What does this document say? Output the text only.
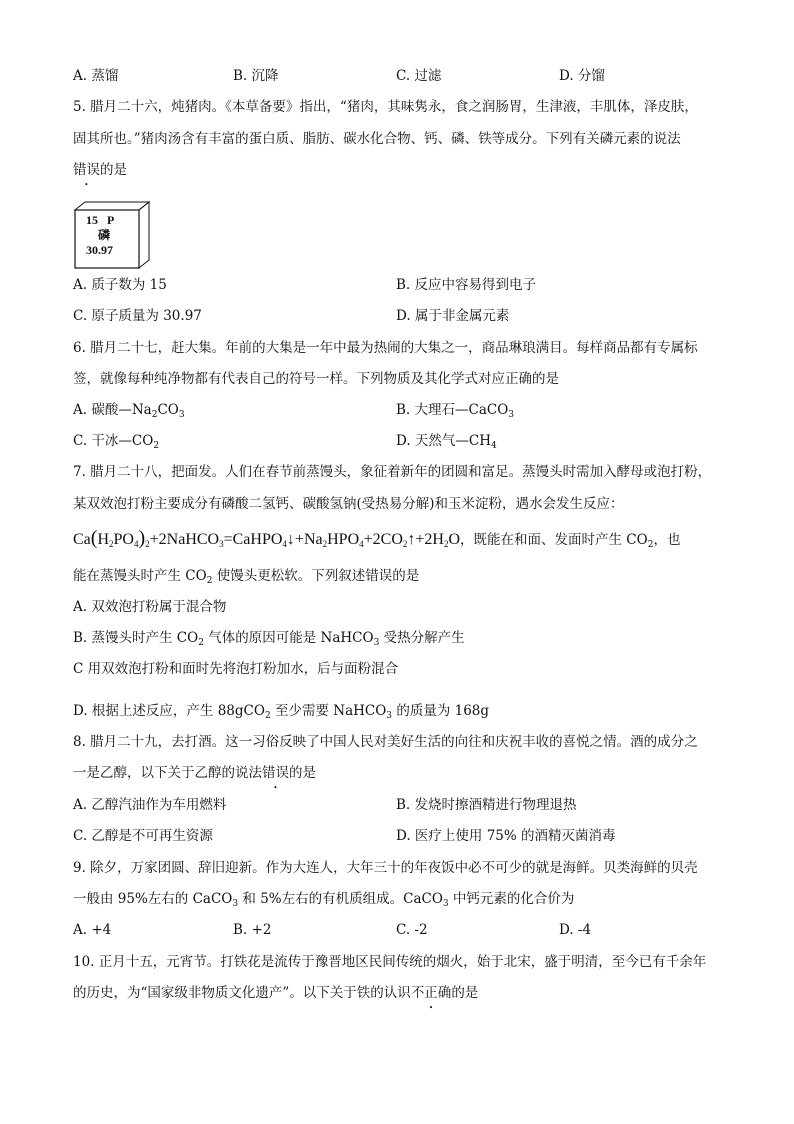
A. 蒸馏	B. 沉降	C. 过滤	D. 分馏
5. 腊月二十六，炖猪肉。《本草备要》指出，“猪肉，其味隽永，食之润肠胃，生津液，丰肌体，泽皮肤，
固其所也。”猪肉汤含有丰富的蛋白质、脂肪、碳水化合物、钙、磷、铁等成分。下列有关磷元素的说法
错误的是
15 P
磷
30.97
A. 质子数为 15	B. 反应中容易得到电子
C. 原子质量为 30.97	D. 属于非金属元素
6. 腊月二十七，赶大集。年前的大集是一年中最为热闹的大集之一，商品琳琅满目。每样商品都有专属标
签，就像每种纯净物都有代表自己的符号一样。下列物质及其化学式对应正确的是
A. 碳酸$—Na_2CO_3$	B. 大理石—CaCO$_3$
C. 干冰$—CO_2$	D. 天然气$—CH_4$
7. 腊月二十八，把面发。人们在春节前蒸馒头，象征着新年的团圆和富足。蒸馒头时需加入酵母或泡打粉，
某双效泡打粉主要成分有磷酸二氢钙、碳酸氢钠(受热易分解)和玉米淀粉，遇水会发生反应：
$Ca(H_2PO_4)_2+2NaHCO_3=CaHPO_4↓+Na_2HPO_4+2CO_2↑+2H_2O$，既能在和面、发面时产生 $CO_2$，也
能在蒸馒头时产生 $CO_2$ 使馒头更松软。下列叙述错误的是
A. 双效泡打粉属于混合物
B. 蒸馒头时产生 $CO_2$ 气体的原因可能是 NaHCO$_3$ 受热分解产生
C 用双效泡打粉和面时先将泡打粉加水，后与面粉混合
D. 根据上述反应，产生 88gCO$_2$ 至少需要 NaHCO$_3$ 的质量为 168g
8. 腊月二十九，去打酒。这一习俗反映了中国人民对美好生活的向往和庆祝丰收的喜悦之情。酒的成分之
一是乙醇，以下关于乙醇的说法错误的是
A. 乙醇汽油作为车用燃料	B. 发烧时擦酒精进行物理退热
C. 乙醇是不可再生资源	D. 医疗上使用 75% 的酒精灭菌消毒
9. 除夕，万家团圆、辞旧迎新。作为大连人，大年三十的年夜饭中必不可少的就是海鲜。贝类海鲜的贝壳
一般由 95%左右的 CaCO$_3$ 和 5%左右的有机质组成。CaCO$_3$ 中钙元素的化合价为
A. +4	B. +2	C. -2	D. -4
10. 正月十五，元宵节。打铁花是流传于豫晋地区民间传统的烟火，始于北宋，盛于明清，至今已有千余年
的历史，为“国家级非物质文化遗产”。以下关于铁的认识不正确的是
